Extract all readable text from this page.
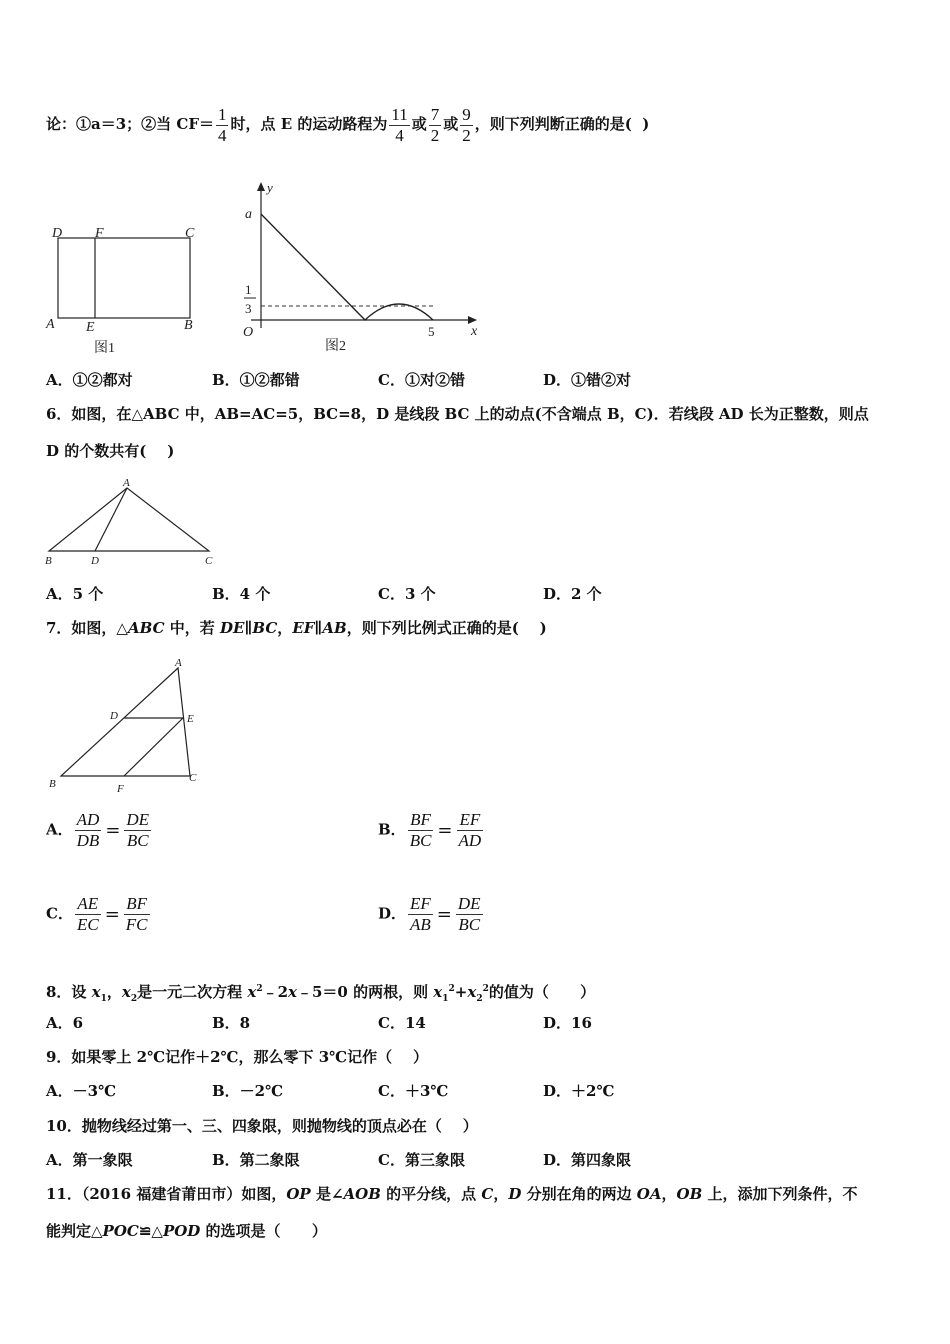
论：①a＝3；②当 $CF= \frac{1}{4}$ 时，点 E 的运动路程为 $\frac{11}{4}$ 或 $\frac{7}{2}$ 或 $\frac{9}{2}$ ，则下列判断正确的是(  )
D F	C
A E	B
图1
y
a
1
3
O	5	x
图2
A．①②都对	B．①②都错	C．①对②错	D．①错②对
6．如图，在△ABC 中，AB=AC=5，BC=8，D 是线段 BC 上的动点(不含端点 B，C)．若线段 AD 长为正整数，则点
D 的个数共有(    )
A
B	D	C
A．5 个	B．4 个	C．3 个	D．2 个
7．如图，△ABC 中，若 DE∥BC，EF∥AB，则下列比例式正确的是(    )
A
D	E
B	F
C
A． $\frac{AD}{DB} = \frac{DE}{BC}$	B． $\frac{BF}{BC} = \frac{EF}{AD}$
C． $\frac{AE}{EC} = \frac{BF}{FC}$	D． $\frac{EF}{AB} = \frac{DE}{BC}$
8．设 $x_1$，$x_2$是一元二次方程 $x^2﹣2x﹣5=0$ 的两根，则 $x_1^2+x_2^2$的值为（      ）
A．6	B．8	C．14	D．16
9．如果零上 2℃记作＋2℃，那么零下 3℃记作（    ）
A．－3℃	B．－2℃	C．＋3℃	D．＋2℃
10．抛物线经过第一、三、四象限，则抛物线的顶点必在（    ）
A．第一象限	B．第二象限	C．第三象限	D．第四象限
11．（2016 福建省莆田市）如图，OP 是∠AOB 的平分线，点 C，D 分别在角的两边 OA，OB 上，添加下列条件，不
能判定△POC≌△POD 的选项是（      ）
